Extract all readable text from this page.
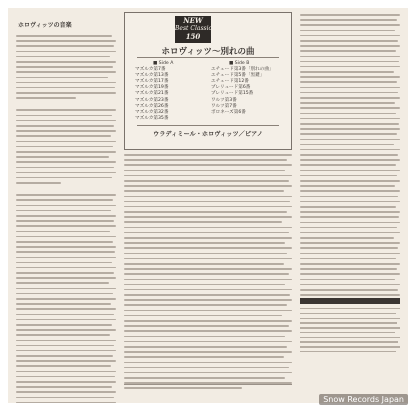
ホロヴィッツの音楽
NEW
Best Classics
150
ホロヴィッツ〜別れの曲
■ Side A
マズルカ第7番
マズルカ第13番
マズルカ第17番
マズルカ第19番
マズルカ第21番
マズルカ第23番
マズルカ第26番
マズルカ第32番
マズルカ第35番
■ Side B
エチュード第3番「別れの曲」
エチュード第5番「黒鍵」
エチュード第12番
プレリュード第6番
プレリュード第15番
ワルツ第3番
ワルツ第7番
ポロネーズ第6番
ウラディミール・ホロヴィッツ／ピアノ
Snow Records Japan
